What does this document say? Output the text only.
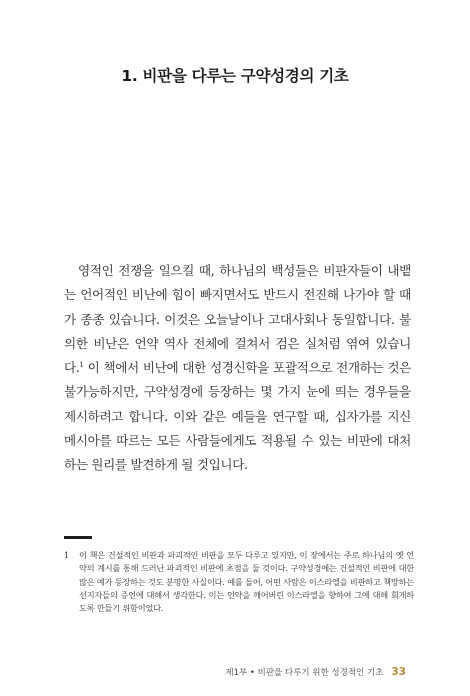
1. 비판을 다루는 구약성경의 기초

영적인 전쟁을 일으킬 때, 하나님의 백성들은 비판자들이 내뱉는 언어적인 비난에 힘이 빠지면서도 반드시 전진해 나가야 할 때가 종종 있습니다. 이것은 오늘날이나 고대사회나 동일합니다. 불의한 비난은 언약 역사 전체에 걸쳐서 검은 실처럼 엮여 있습니다.$^1$ 이 책에서 비난에 대한 성경신학을 포괄적으로 전개하는 것은 불가능하지만, 구약성경에 등장하는 몇 가지 눈에 띄는 경우들을 제시하려고 합니다. 이와 같은 예들을 연구할 때, 십자가를 지신 메시아를 따르는 모든 사람들에게도 적용될 수 있는 비판에 대처하는 원리를 발견하게 될 것입니다.

1	이 책은 건설적인 비판과 파괴적인 비판을 모두 다루고 있지만, 이 장에서는 주로 하나님의 옛 언약의 계시를 통해 드러난 파괴적인 비판에 초점을 둘 것이다. 구약성경에는 건설적인 비판에 대한 많은 예가 등장하는 것도 분명한 사실이다. 예를 들어, 어떤 사람은 이스라엘을 비판하고 책망하는 선지자들의 증언에 대해서 생각한다. 이는 언약을 깨어버린 이스라엘을 향하여 그에 대해 회개하도록 만들기 위함이었다.
제1부 • 비판을 다루기 위한 성경적인 기초 33
